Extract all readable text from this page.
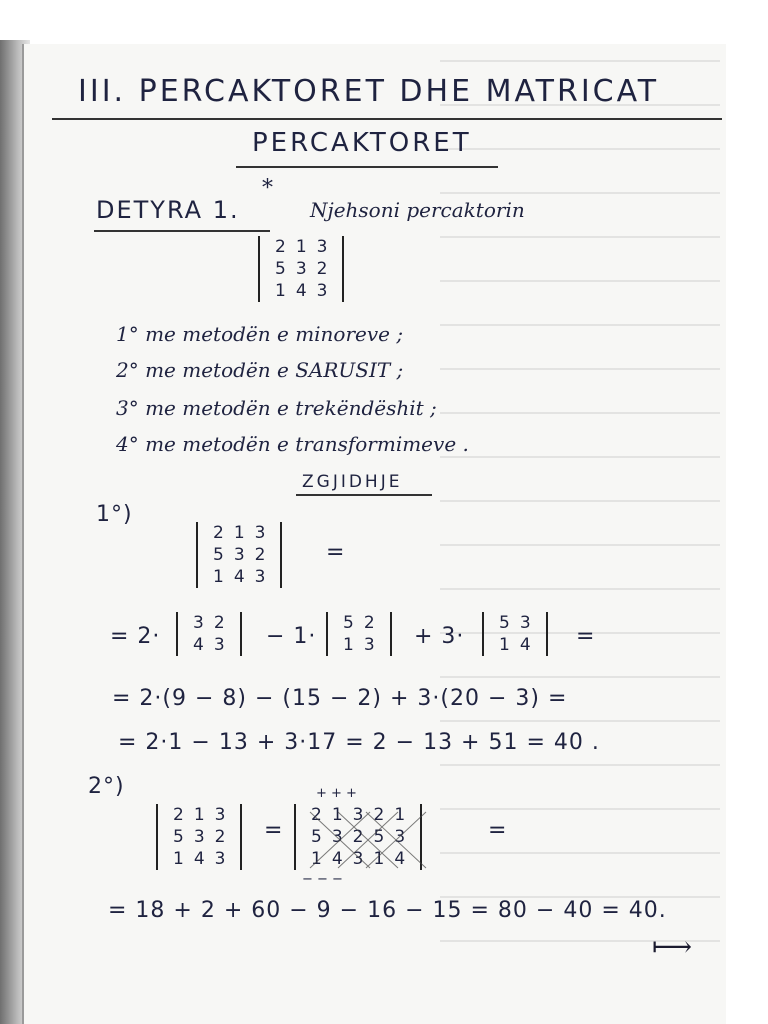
III. PERCAKTORET DHE MATRICAT
PERCAKTORET
DETYRA 1.
*
Njehsoni percaktorin
2	1	3
5	3	2
1	4	3
1° me metodën e minoreve ;
2° me metodën e SARUSIT ;
3° me metodën e trekëndëshit ;
4° me metodën e transformimeve .
ZGJIDHJE
1°)
2	1	3
5	3	2
1	4	3
=
= 2·
3	2
4	3 − 1·
5	2
1	3 + 3·
5	3
1	4 =
= 2·(9 − 8) − (15 − 2) + 3·(20 − 3) =
= 2·1 − 13 + 3·17 = 2 − 13 + 51 = 40 .
2°)
2	1	3
5	3	2
1	4	3
=
+ + +
2	1	3	2	1
5	3	2	5	3
1	4	3	1	4
− − −
=
= 18 + 2 + 60 − 9 − 16 − 15 = 80 − 40 = 40.
⟼
